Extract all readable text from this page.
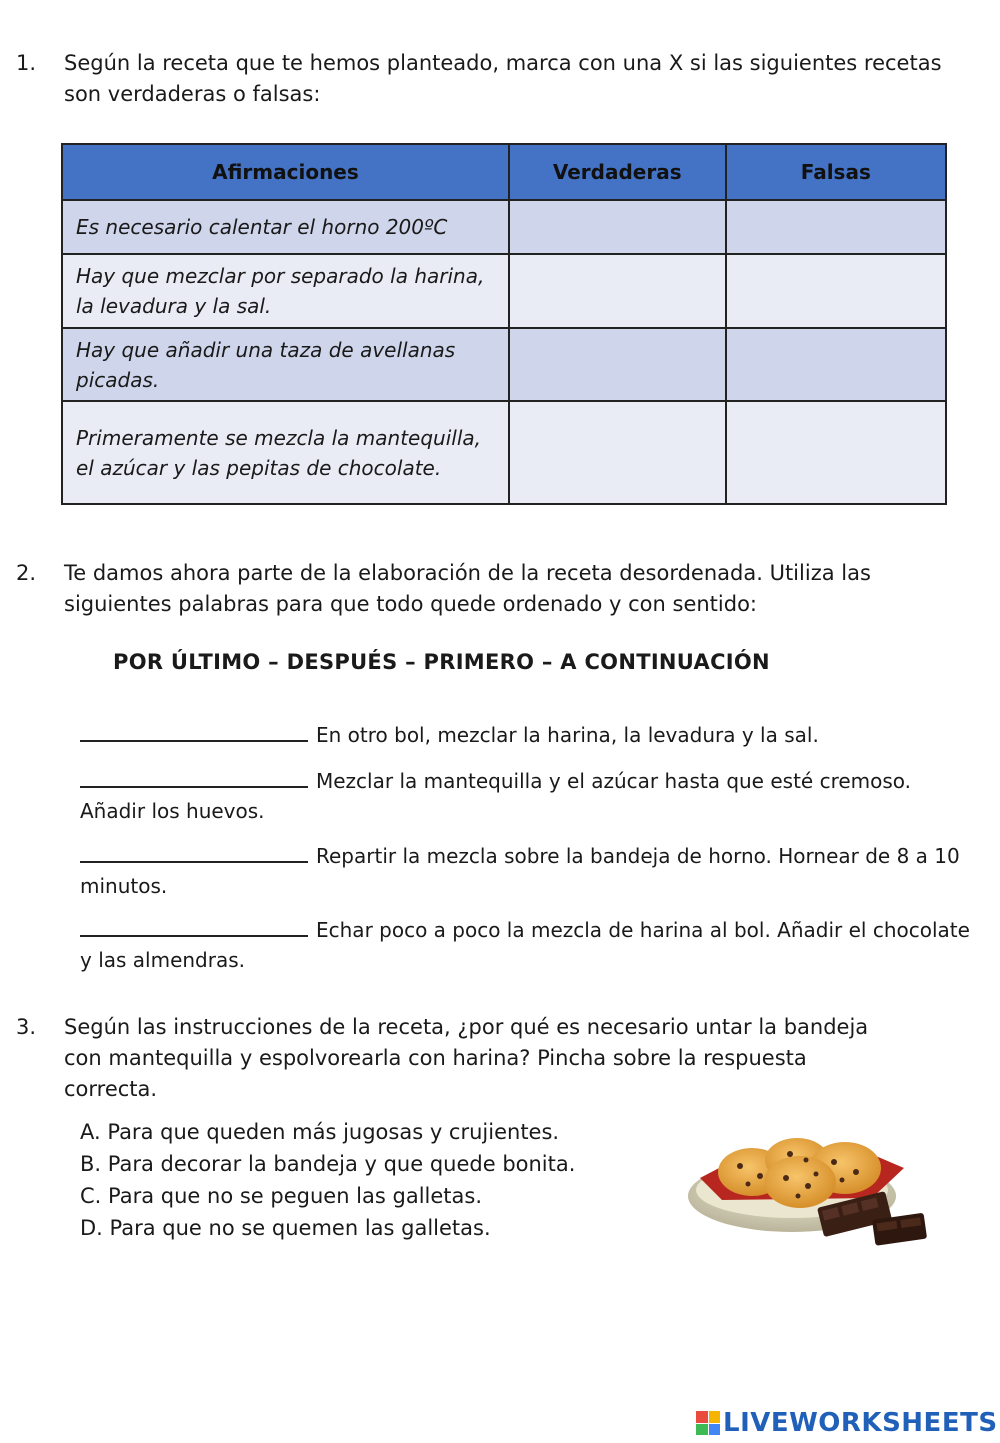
1. Según la receta que te hemos planteado, marca con una X si las siguientes recetas son verdaderas o falsas:
Afirmaciones	Verdaderas	Falsas
Es necesario calentar el horno 200ºC		
Hay que mezclar por separado la harina, la levadura y la sal.		
Hay que añadir una taza de avellanas picadas.		
Primeramente se mezcla la mantequilla, el azúcar y las pepitas de chocolate.		
2. Te damos ahora parte de la elaboración de la receta desordenada. Utiliza las siguientes palabras para que todo quede ordenado y con sentido:
POR ÚLTIMO – DESPUÉS – PRIMERO – A CONTINUACIÓN
En otro bol, mezclar la harina, la levadura y la sal.
Mezclar la mantequilla y el azúcar hasta que esté cremoso. Añadir los huevos.
Repartir la mezcla sobre la bandeja de horno. Hornear de 8 a 10 minutos.
Echar poco a poco la mezcla de harina al bol. Añadir el chocolate y las almendras.
3. Según las instrucciones de la receta, ¿por qué es necesario untar la bandeja con mantequilla y espolvorearla con harina? Pincha sobre la respuesta correcta.
A. Para que queden más jugosas y crujientes.
B. Para decorar la bandeja y que quede bonita.
C. Para que no se peguen las galletas.
D. Para que no se quemen las galletas.
LIVEWORKSHEETS
